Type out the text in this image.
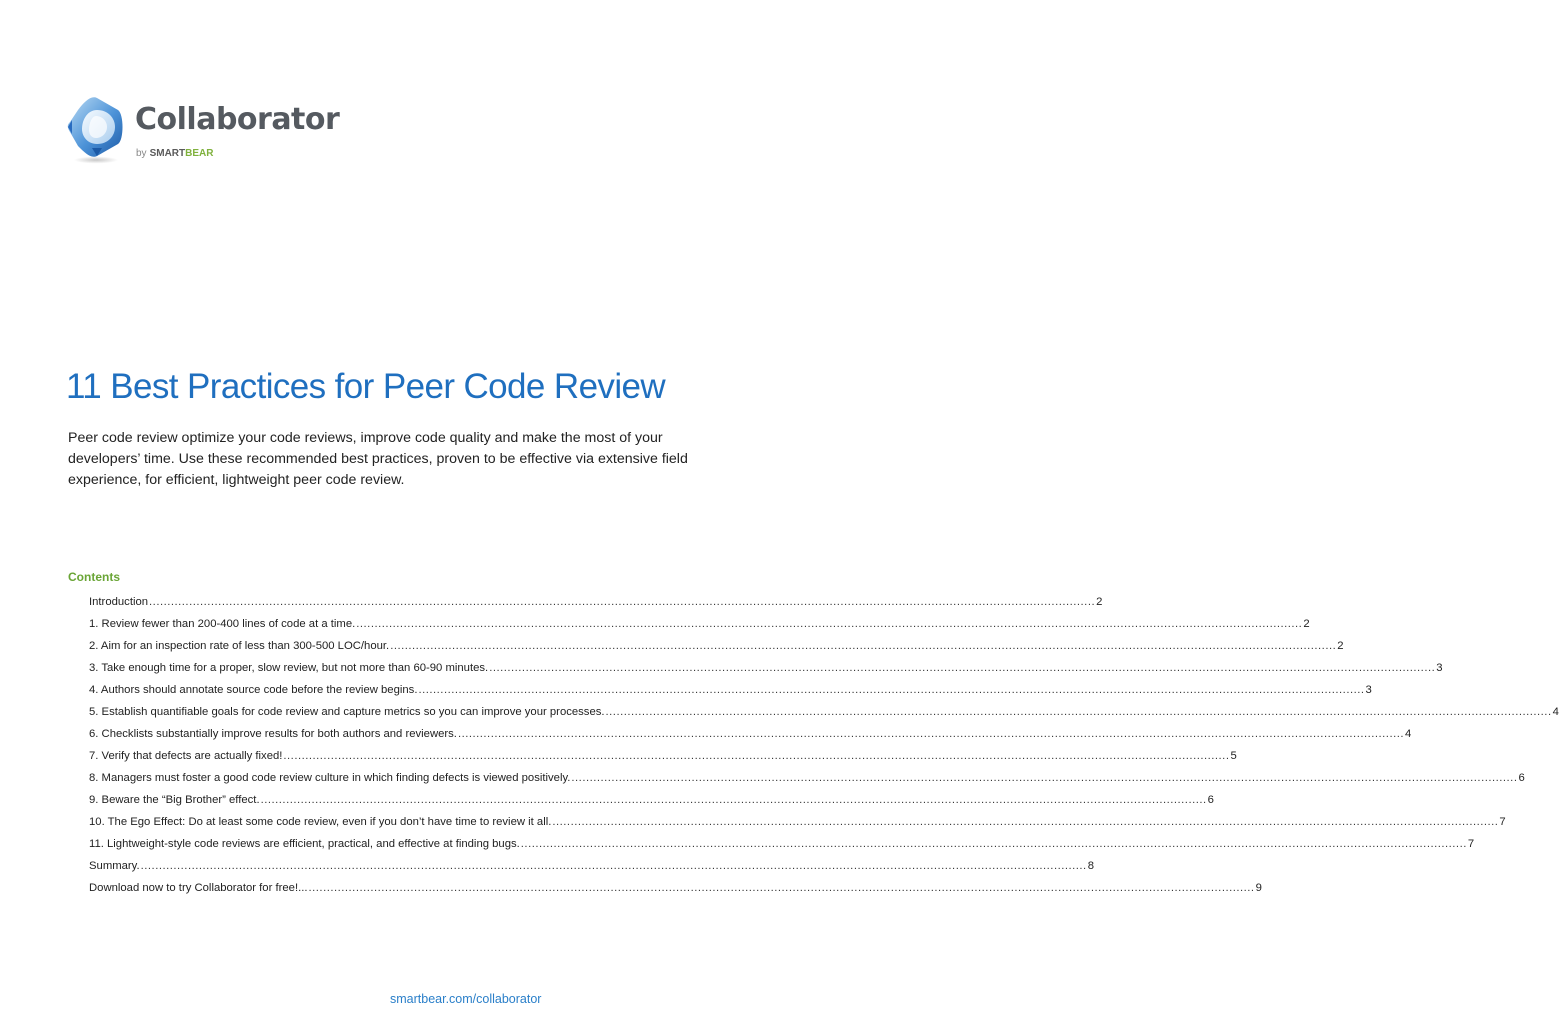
Collaborator
by SMARTBEAR
11 Best Practices for Peer Code Review

Peer code review optimize your code reviews, improve code quality and make the most of your developers’ time. Use these recommended best practices, proven to be effective via extensive field experience, for efficient, lightweight peer code review.

Contents
Introduction .................................................................................................................................................................................................................................................................... 2
1. Review fewer than 200-400 lines of code at a time. .................................................................................................................................................................................................................................................................... 2
2. Aim for an inspection rate of less than 300-500 LOC/hour. .................................................................................................................................................................................................................................................................... 2
3. Take enough time for a proper, slow review, but not more than 60-90 minutes. .................................................................................................................................................................................................................................................................... 3
4. Authors should annotate source code before the review begins. .................................................................................................................................................................................................................................................................... 3
5. Establish quantifiable goals for code review and capture metrics so you can improve your processes. .................................................................................................................................................................................................................................................................... 4
6. Checklists substantially improve results for both authors and reviewers. .................................................................................................................................................................................................................................................................... 4
7. Verify that defects are actually fixed! .................................................................................................................................................................................................................................................................... 5
8. Managers must foster a good code review culture in which finding defects is viewed positively. .................................................................................................................................................................................................................................................................... 6
9. Beware the “Big Brother” effect. .................................................................................................................................................................................................................................................................... 6
10. The Ego Effect: Do at least some code review, even if you don’t have time to review it all. .................................................................................................................................................................................................................................................................... 7
11. Lightweight-style code reviews are efficient, practical, and effective at finding bugs. .................................................................................................................................................................................................................................................................... 7
Summary. .................................................................................................................................................................................................................................................................... 8
Download now to try Collaborator for free!... .................................................................................................................................................................................................................................................................... 9
smartbear.com/collaborator
